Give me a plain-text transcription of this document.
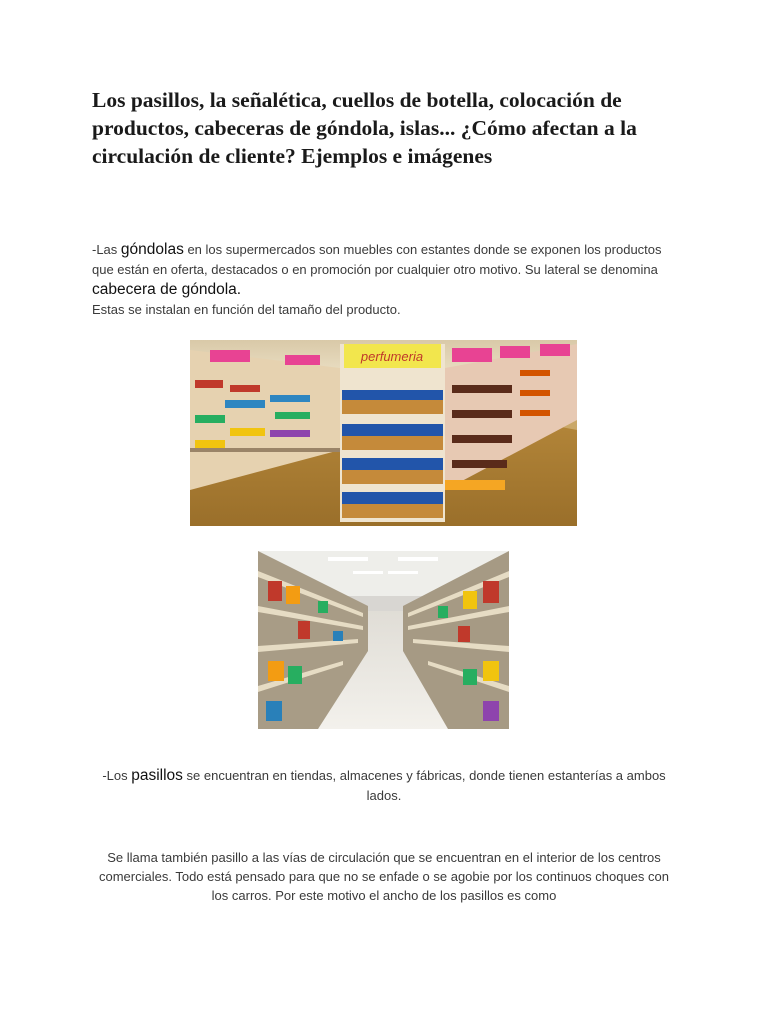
Los pasillos, la señalética, cuellos de botella, colocación de productos, cabeceras de góndola, islas... ¿Cómo afectan a la circulación de cliente? Ejemplos e imágenes

-Las góndolas en los supermercados son muebles con estantes donde se exponen los productos que están en oferta, destacados o en promoción por cualquier otro motivo. Su lateral se denomina cabecera de góndola.

Estas se instalan en función del tamaño del producto.

perfumeria

-Los pasillos se encuentran en tiendas, almacenes y fábricas, donde tienen estanterías a ambos lados.

Se llama también pasillo a las vías de circulación que se encuentran en el interior de los centros comerciales. Todo está pensado para que no se enfade o se agobie por los continuos choques con los carros. Por este motivo el ancho de los pasillos es como
